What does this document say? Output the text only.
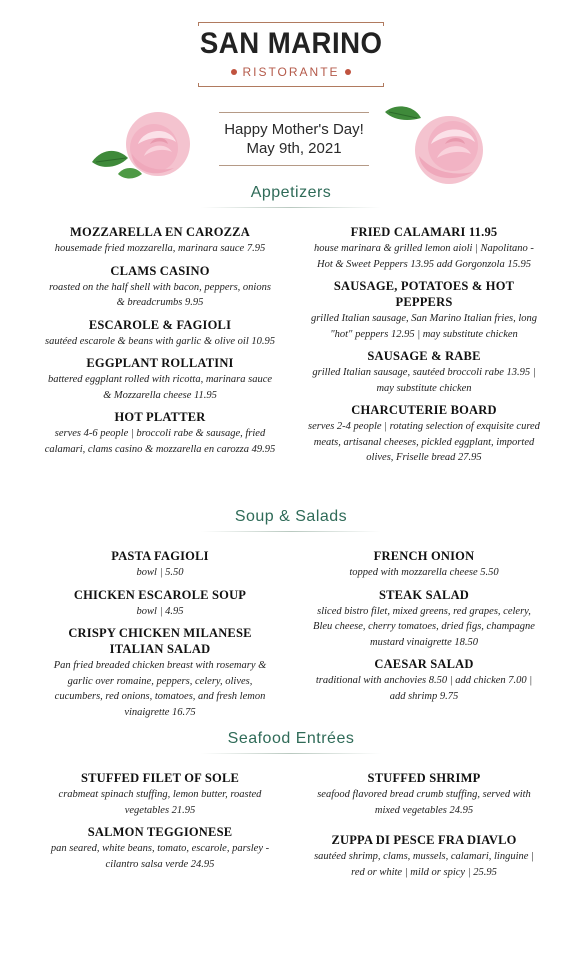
SAN MARINO
RISTORANTE
Happy Mother's Day!
May 9th, 2021
Appetizers
MOZZARELLA EN CAROZZA
housemade fried mozzarella, marinara sauce 7.95
CLAMS CASINO
roasted on the half shell with bacon, peppers, onions & breadcrumbs 9.95
ESCAROLE & FAGIOLI
sautéed escarole & beans with garlic & olive oil 10.95
EGGPLANT ROLLATINI
battered eggplant rolled with ricotta, marinara sauce & Mozzarella cheese 11.95
HOT PLATTER
serves 4-6 people | broccoli rabe & sausage, fried calamari, clams casino & mozzarella en carozza 49.95
FRIED CALAMARI 11.95
house marinara & grilled lemon aioli | Napolitano - Hot & Sweet Peppers 13.95 add Gorgonzola 15.95
SAUSAGE, POTATOES & HOT PEPPERS
grilled Italian sausage, San Marino Italian fries, long "hot" peppers 12.95 | may substitute chicken
SAUSAGE & RABE
grilled Italian sausage, sautéed broccoli rabe 13.95 | may substitute chicken
CHARCUTERIE BOARD
serves 2-4 people | rotating selection of exquisite cured meats, artisanal cheeses, pickled eggplant, imported olives, Friselle bread 27.95
Soup & Salads
PASTA FAGIOLI
bowl | 5.50
CHICKEN ESCAROLE SOUP
bowl | 4.95
CRISPY CHICKEN MILANESE ITALIAN SALAD
Pan fried breaded chicken breast with rosemary & garlic over romaine, peppers, celery, olives, cucumbers, red onions, tomatoes, and fresh lemon vinaigrette 16.75
FRENCH ONION
topped with mozzarella cheese 5.50
STEAK SALAD
sliced bistro filet, mixed greens, red grapes, celery, Bleu cheese, cherry tomatoes, dried figs, champagne mustard vinaigrette 18.50
CAESAR SALAD
traditional with anchovies 8.50 | add chicken 7.00 | add shrimp 9.75
Seafood Entrées
STUFFED FILET OF SOLE
crabmeat spinach stuffing, lemon butter, roasted vegetables 21.95
SALMON TEGGIONESE
pan seared, white beans, tomato, escarole, parsley - cilantro salsa verde 24.95
STUFFED SHRIMP
seafood flavored bread crumb stuffing, served with mixed vegetables 24.95
ZUPPA DI PESCE FRA DIAVLO
sautéed shrimp, clams, mussels, calamari, linguine | red or white | mild or spicy | 25.95
